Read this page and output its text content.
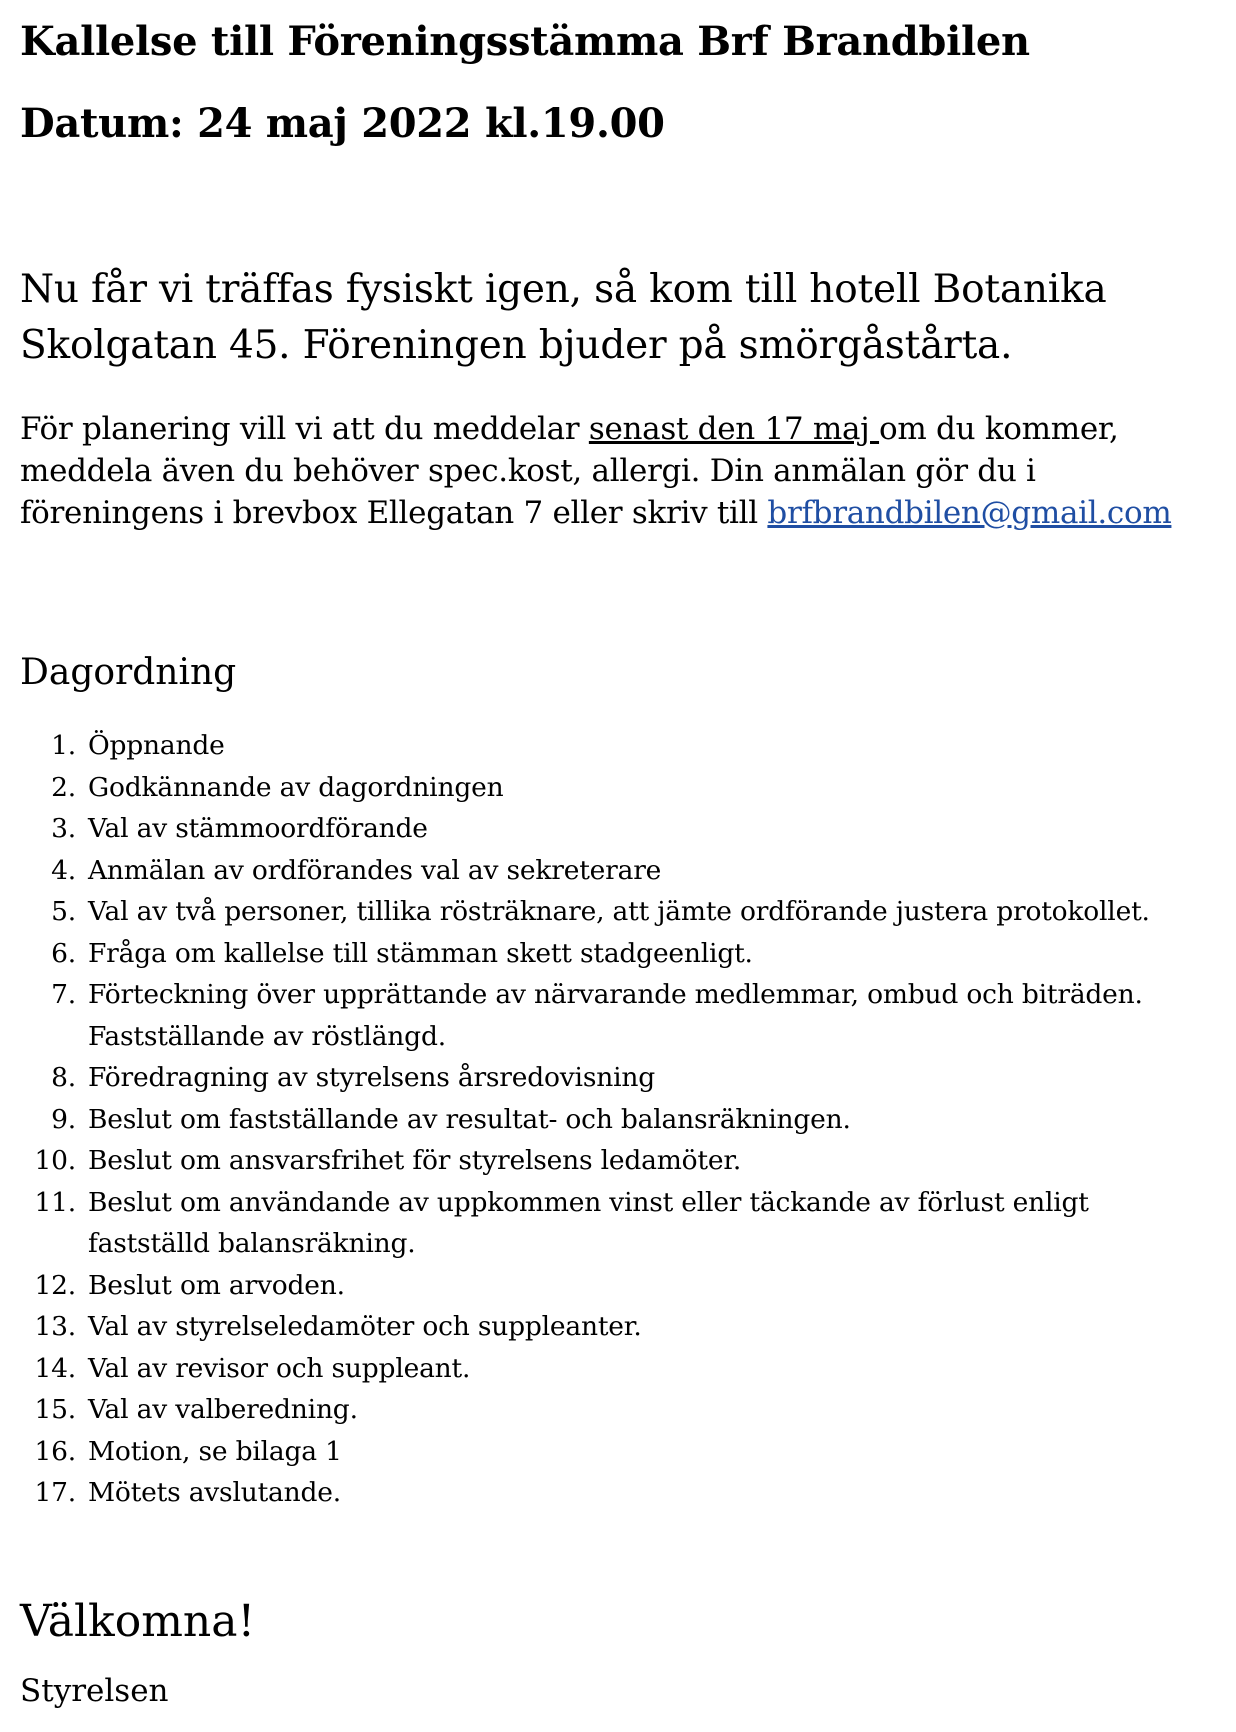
Kallelse till Föreningsstämma Brf Brandbilen
Datum: 24 maj 2022 kl.19.00

Nu får vi träffas fysiskt igen, så kom till hotell Botanika
Skolgatan 45. Föreningen bjuder på smörgåstårta.

För planering vill vi att du meddelar senast den 17 maj om du kommer,
meddela även du behöver spec.kost, allergi. Din anmälan gör du i
föreningens i brevbox Ellegatan 7 eller skriv till brfbrandbilen@gmail.com

Dagordning
1. Öppnande
2. Godkännande av dagordningen
3. Val av stämmoordförande
4. Anmälan av ordförandes val av sekreterare
5. Val av två personer, tillika rösträknare, att jämte ordförande justera protokollet.
6. Fråga om kallelse till stämman skett stadgeenligt.
7. Förteckning över upprättande av närvarande medlemmar, ombud och biträden.
Fastställande av röstlängd.
8. Föredragning av styrelsens årsredovisning
9. Beslut om fastställande av resultat- och balansräkningen.
10. Beslut om ansvarsfrihet för styrelsens ledamöter.
11. Beslut om användande av uppkommen vinst eller täckande av förlust enligt
fastställd balansräkning.
12. Beslut om arvoden.
13. Val av styrelseledamöter och suppleanter.
14. Val av revisor och suppleant.
15. Val av valberedning.
16. Motion, se bilaga 1
17. Mötets avslutande.
Välkomna!

Styrelsen
